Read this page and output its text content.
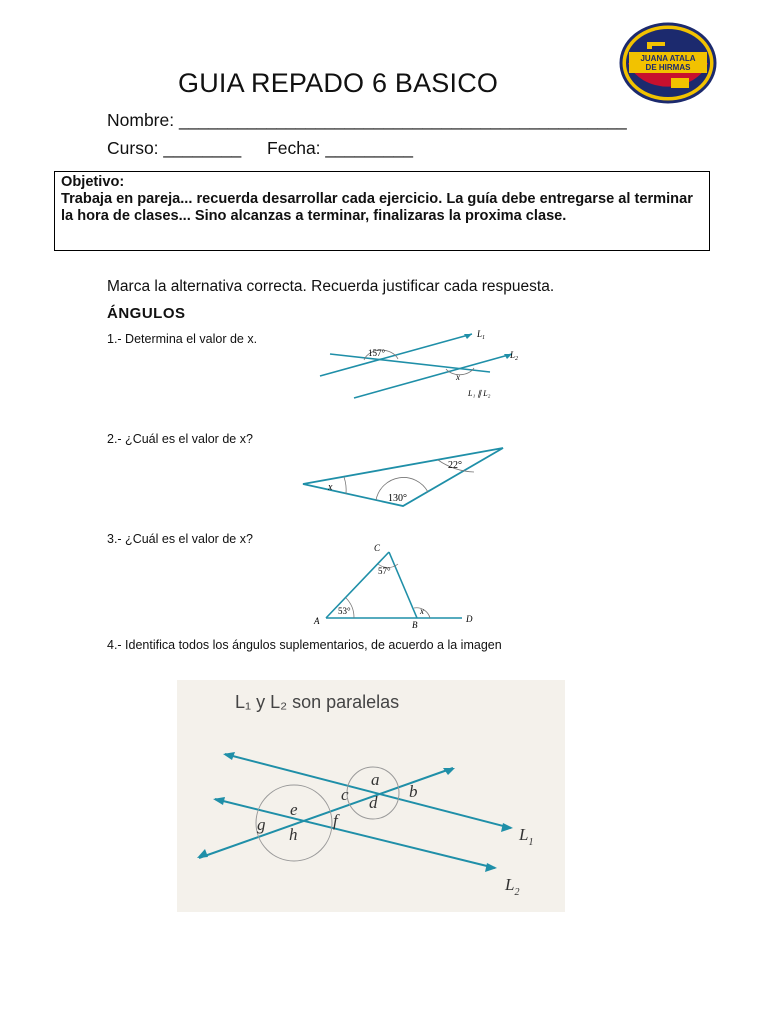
JUANA ATALA
DE HIRMAS
GUIA REPADO 6 BASICO
Nombre: ______________________________________________
Curso: ________ Fecha: _________
Objetivo:
Trabaja en pareja... recuerda desarrollar cada ejercicio. La guía debe entregarse al terminar la hora de clases... Sino alcanzas a terminar, finalizaras la proxima clase.
Marca la alternativa correcta. Recuerda justificar cada respuesta.
ÁNGULOS
1.- Determina el valor de x.
157°
x
$L_1$
$L_2$
L₁ ∥ L₂
2.- ¿Cuál es el valor de x?
x
130°
22°
3.- ¿Cuál es el valor de x?
C
57°
53°	x
A	B
D
4.- Identifica todos los ángulos suplementarios, de acuerdo a la imagen
L₁ y L₂ son paralelas
a
b
c d
e
f
g
h	$L_1$
$L_2$
